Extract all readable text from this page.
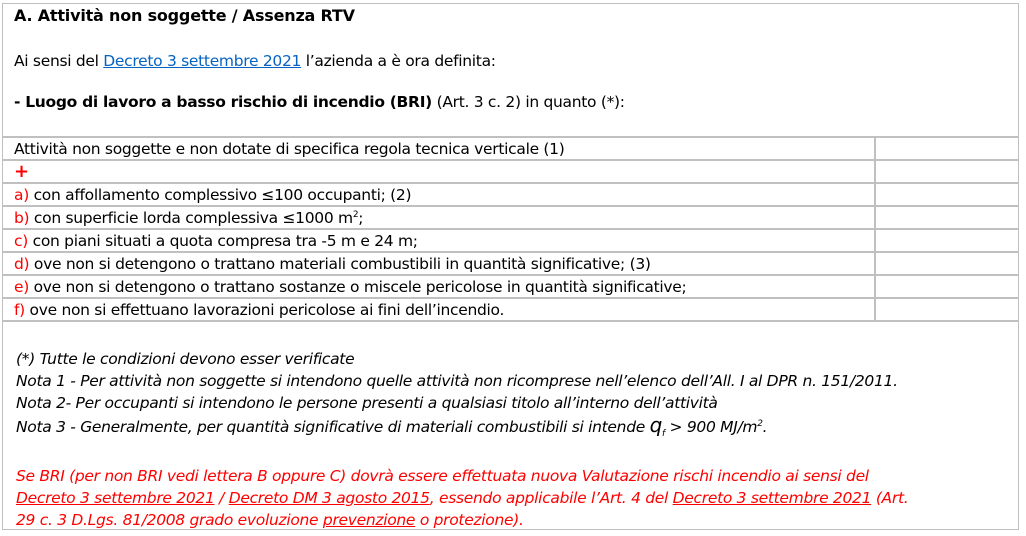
A. Attività non soggette / Assenza RTV
Ai sensi del Decreto 3 settembre 2021 l’azienda a è ora definita:
- Luogo di lavoro a basso rischio di incendio (BRI) (Art. 3 c. 2) in quanto (*):
Attività non soggette e non dotate di specifica regola tecnica verticale (1)	
+	
a) con affollamento complessivo ≤100 occupanti; (2)	
b) con superficie lorda complessiva ≤1000 $m^2$;	
c) con piani situati a quota compresa tra -5 m e 24 m;	
d) ove non si detengono o trattano materiali combustibili in quantità significative; (3)	
e) ove non si detengono o trattano sostanze o miscele pericolose in quantità significative;	
f) ove non si effettuano lavorazioni pericolose ai fini dell’incendio.	
(*) Tutte le condizioni devono esser verificate
Nota 1 - Per attività non soggette si intendono quelle attività non ricomprese nell’elenco dell’All. I al DPR n. 151/2011.
Nota 2- Per occupanti si intendono le persone presenti a qualsiasi titolo all’interno dell’attività
Nota 3 - Generalmente, per quantità significative di materiali combustibili si intende $q_f > 900$ $MJ/m^2$.
Se BRI (per non BRI vedi lettera B oppure C) dovrà essere effettuata nuova Valutazione rischi incendio ai sensi del
Decreto 3 settembre 2021 / Decreto DM 3 agosto 2015, essendo applicabile l’Art. 4 del Decreto 3 settembre 2021 (Art.
29 c. 3 D.Lgs. 81/2008 grado evoluzione prevenzione o protezione).
